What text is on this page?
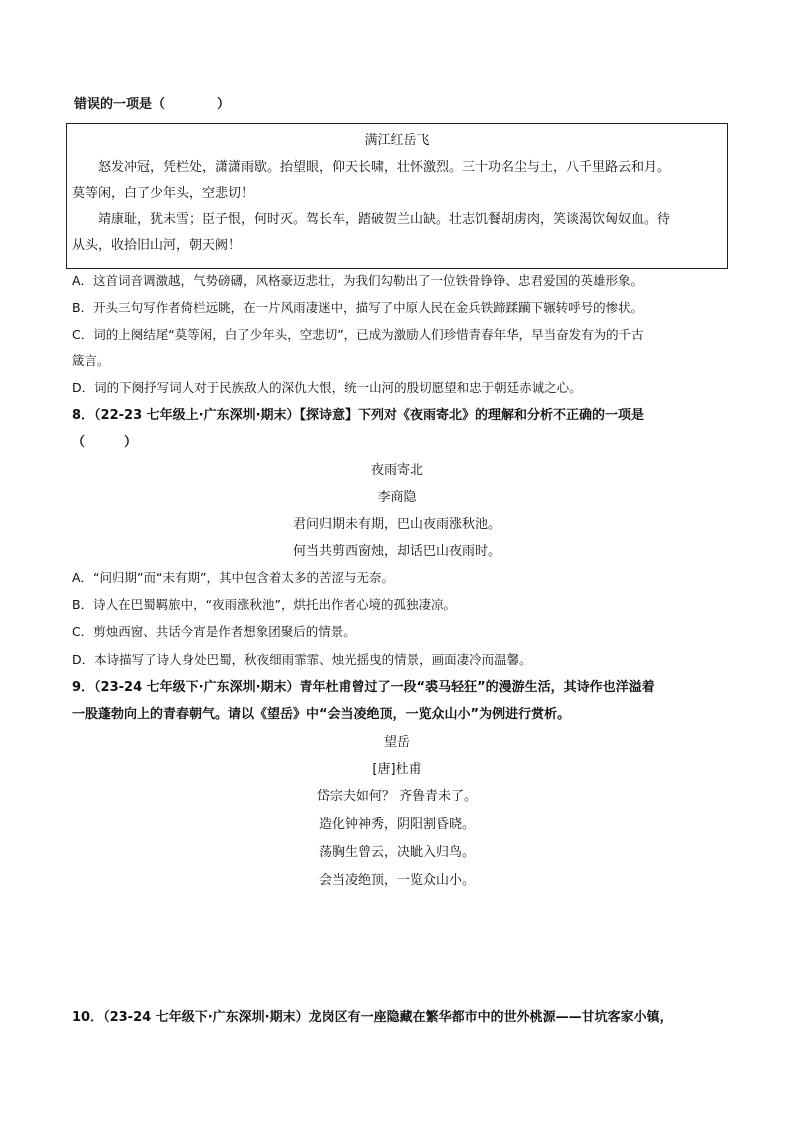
错误的一项是（　　　　）
满江红岳飞
怒发冲冠，凭栏处，潇潇雨歇。抬望眼，仰天长啸，壮怀激烈。三十功名尘与土，八千里路云和月。
莫等闲，白了少年头，空悲切！
靖康耻，犹未雪；臣子恨，何时灭。驾长车，踏破贺兰山缺。壮志饥餐胡虏肉，笑谈渴饮匈奴血。待
从头，收拾旧山河，朝天阙！
A．这首词音调激越，气势磅礴，风格豪迈悲壮，为我们勾勒出了一位铁骨铮铮、忠君爱国的英雄形象。
B．开头三句写作者倚栏远眺，在一片风雨凄迷中，描写了中原人民在金兵铁蹄蹂躏下辗转呼号的惨状。
C．词的上阕结尾“莫等闲，白了少年头，空悲切”，已成为激励人们珍惜青春年华，早当奋发有为的千古
箴言。
D．词的下阕抒写词人对于民族敌人的深仇大恨，统一山河的殷切愿望和忠于朝廷赤诚之心。
8．（22-23 七年级上·广东深圳·期末）【探诗意】下列对《夜雨寄北》的理解和分析不正确的一项是
（　　　）
夜雨寄北
李商隐
君问归期未有期，巴山夜雨涨秋池。
何当共剪西窗烛，却话巴山夜雨时。
A．“问归期”而“未有期”，其中包含着太多的苦涩与无奈。
B．诗人在巴蜀羁旅中，“夜雨涨秋池”，烘托出作者心境的孤独凄凉。
C．剪烛西窗、共话今宵是作者想象团聚后的情景。
D．本诗描写了诗人身处巴蜀，秋夜细雨霏霏、烛光摇曳的情景，画面凄冷而温馨。
9．（23-24 七年级下·广东深圳·期末）青年杜甫曾过了一段“裘马轻狂”的漫游生活，其诗作也洋溢着
一股蓬勃向上的青春朝气。请以《望岳》中“会当凌绝顶，一览众山小”为例进行赏析。
望岳
[唐]杜甫
岱宗夫如何？ 齐鲁青未了。
造化钟神秀，阴阳割昏晓。
荡胸生曾云，决眦入归鸟。
会当凌绝顶，一览众山小。
10．（23-24 七年级下·广东深圳·期末）龙岗区有一座隐藏在繁华都市中的世外桃源——甘坑客家小镇，
